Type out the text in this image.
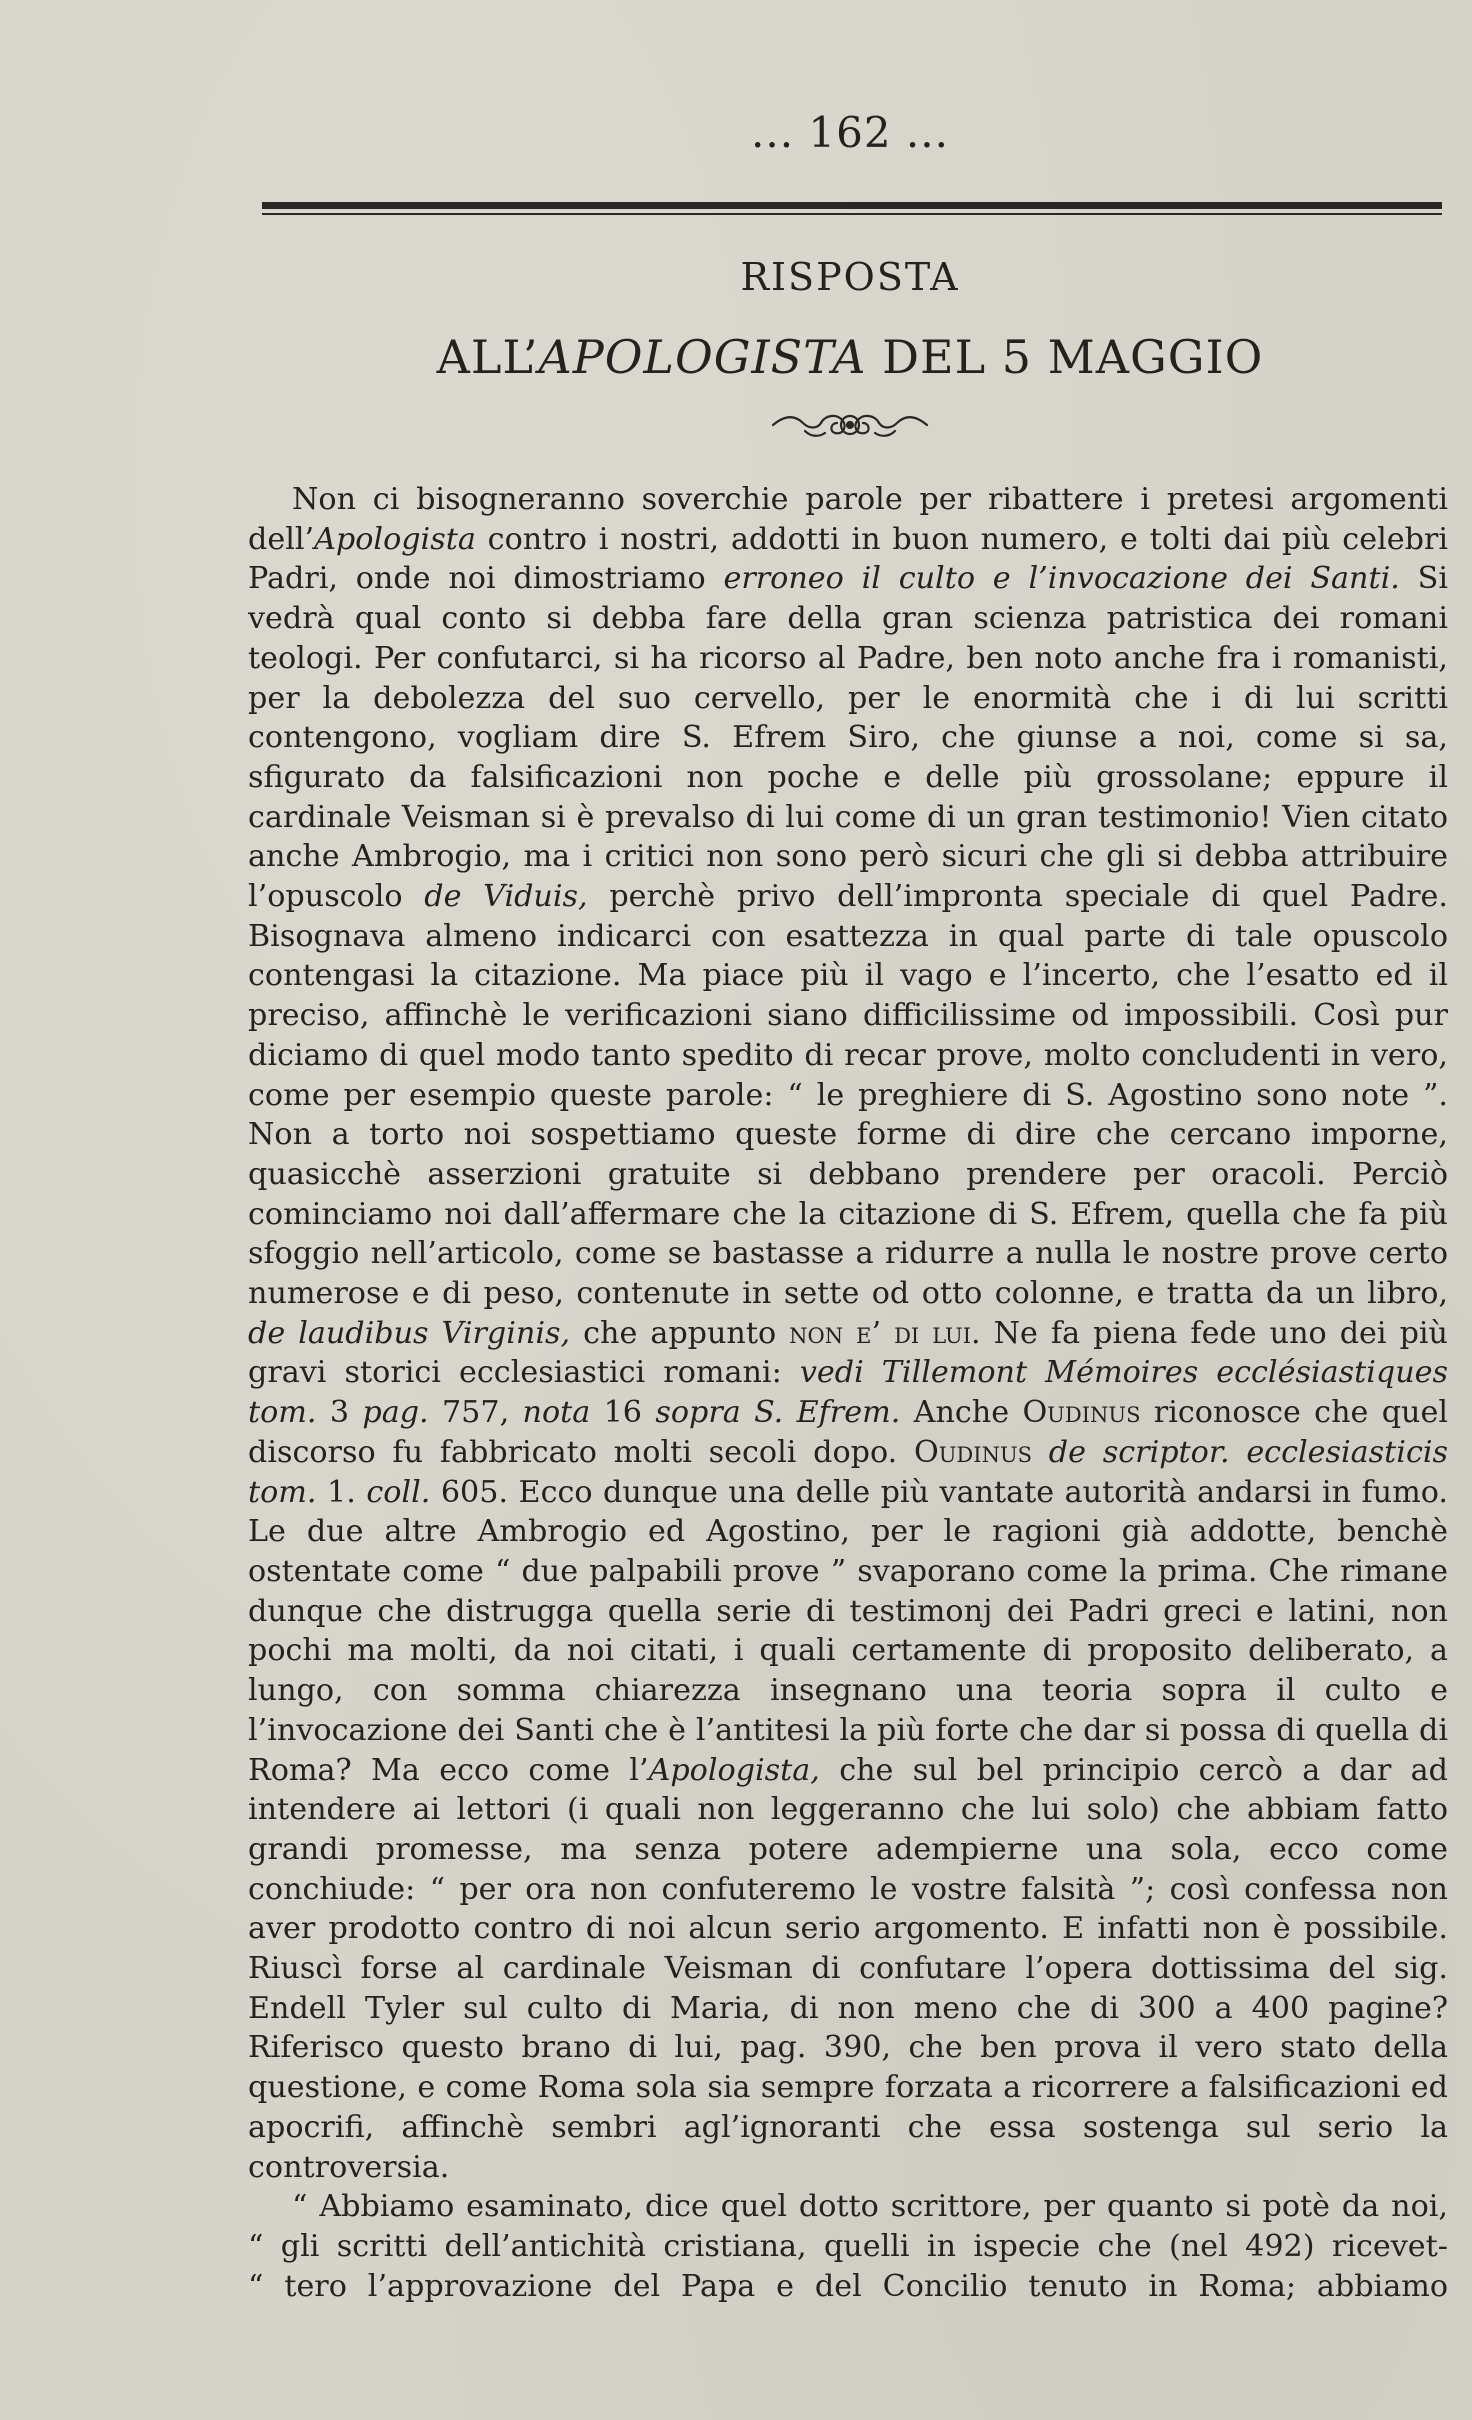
... 162 ...
RISPOSTA
ALL’APOLOGISTA DEL 5 MAGGIO

Non ci bisogneranno soverchie parole per ribattere i pretesi argomenti dell’Apologista contro i nostri, addotti in buon numero, e tolti dai più celebri Padri, onde noi dimostriamo erroneo il culto e l’invocazione dei Santi. Si vedrà qual conto si debba fare della gran scienza patristica dei romani teologi. Per confutarci, si ha ricorso al Padre, ben noto anche fra i romanisti, per la debolezza del suo cervello, per le enormità che i di lui scritti contengono, vogliam dire S. Efrem Siro, che giunse a noi, come si sa, sfigurato da falsificazioni non poche e delle più grossolane; eppure il cardinale Veisman si è prevalso di lui come di un gran testimonio! Vien citato anche Ambrogio, ma i critici non sono però sicuri che gli si debba attribuire l’opuscolo de Viduis, perchè privo dell’impronta speciale di quel Padre. Bisognava almeno indicarci con esattezza in qual parte di tale opuscolo contengasi la citazione. Ma piace più il vago e l’incerto, che l’esatto ed il preciso, affinchè le verificazioni siano difficilissime od impossibili. Così pur diciamo di quel modo tanto spedito di recar prove, molto concludenti in vero, come per esempio queste parole: “ le preghiere di S. Agostino sono note ”. Non a torto noi sospettiamo queste forme di dire che cercano imporne, quasicchè asserzioni gratuite si debbano prendere per oracoli. Perciò cominciamo noi dall’affermare che la citazione di S. Efrem, quella che fa più sfoggio nell’articolo, come se bastasse a ridurre a nulla le nostre prove certo numerose e di peso, contenute in sette od otto colonne, e tratta da un libro, de laudibus Virginis, che appunto non e’ di lui. Ne fa piena fede uno dei più gravi storici ecclesiastici romani: vedi Tillemont Mémoires ecclésiastiques tom. 3 pag. 757, nota 16 sopra S. Efrem. Anche Oudinus riconosce che quel discorso fu fabbricato molti secoli dopo. Oudinus de scriptor. ecclesiasticis tom. 1. coll. 605. Ecco dunque una delle più vantate autorità andarsi in fumo. Le due altre Ambrogio ed Agostino, per le ragioni già addotte, benchè ostentate come “ due palpabili prove ” svaporano come la prima. Che rimane dunque che distrugga quella serie di testimonj dei Padri greci e latini, non pochi ma molti, da noi citati, i quali certamente di proposito deliberato, a lungo, con somma chiarezza insegnano una teoria sopra il culto e l’invocazione dei Santi che è l’antitesi la più forte che dar si possa di quella di Roma? Ma ecco come l’Apologista, che sul bel principio cercò a dar ad intendere ai lettori (i quali non leggeranno che lui solo) che abbiam fatto grandi promesse, ma senza potere adempierne una sola, ecco come conchiude: “ per ora non confuteremo le vostre falsità ”; così confessa non aver prodotto contro di noi alcun serio argomento. E infatti non è possibile. Riuscì forse al cardinale Veisman di confutare l’opera dottissima del sig. Endell Tyler sul culto di Maria, di non meno che di 300 a 400 pagine? Riferisco questo brano di lui, pag. 390, che ben prova il vero stato della questione, e come Roma sola sia sempre forzata a ricorrere a falsificazioni ed apocrifi, affinchè sembri agl’ignoranti che essa sostenga sul serio la controversia.

“ Abbiamo esaminato, dice quel dotto scrittore, per quanto si potè da noi,
“ gli scritti dell’antichità cristiana, quelli in ispecie che (nel 492) ricevet-
“ tero l’approvazione del Papa e del Concilio tenuto in Roma; abbiamo
